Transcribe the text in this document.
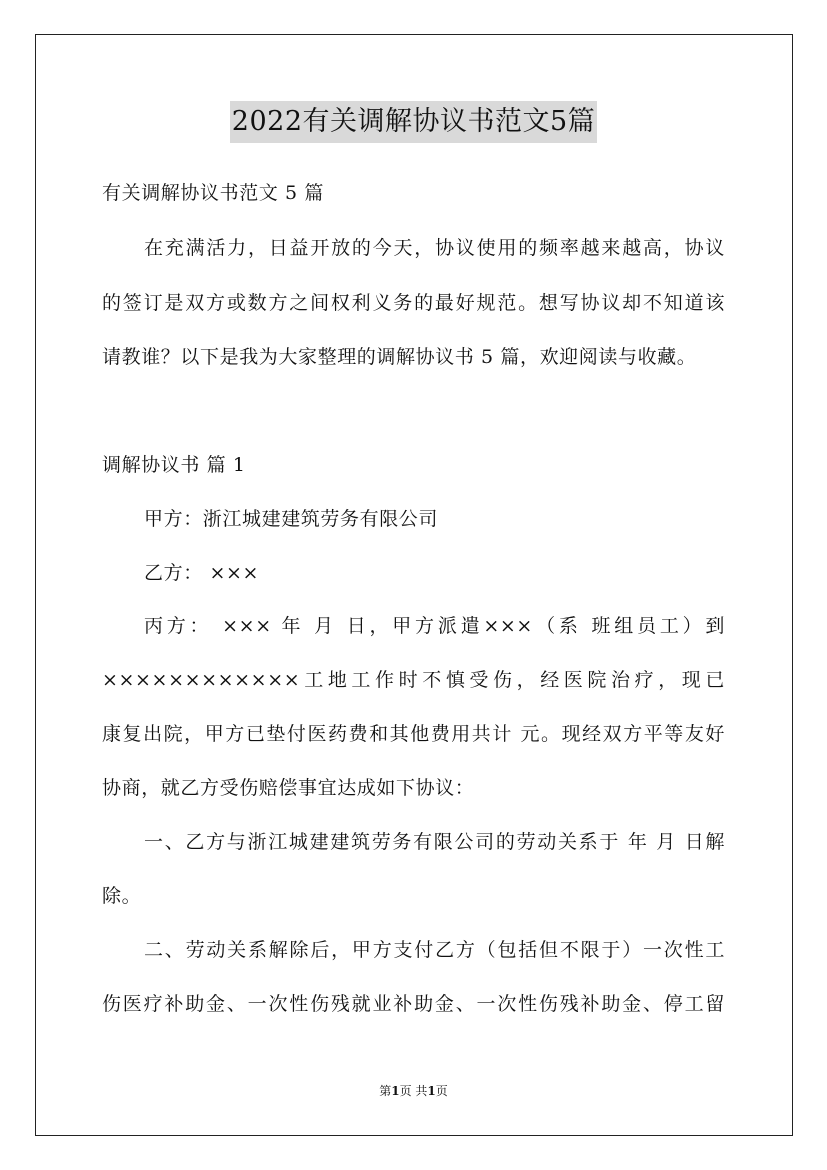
2022有关调解协议书范文5篇
有关调解协议书范文 5 篇
在充满活力，日益开放的今天，协议使用的频率越来越高，协议
的签订是双方或数方之间权利义务的最好规范。想写协议却不知道该
请教谁？以下是我为大家整理的调解协议书 5 篇，欢迎阅读与收藏。
调解协议书 篇 1
甲方：浙江城建建筑劳务有限公司
乙方： ×××
丙方： ××× 年 月 日，甲方派遣×××（系 班组员工）到
××××××××××××工地工作时不慎受伤，经医院治疗，现已
康复出院，甲方已垫付医药费和其他费用共计 元。现经双方平等友好
协商，就乙方受伤赔偿事宜达成如下协议：
一、乙方与浙江城建建筑劳务有限公司的劳动关系于 年 月 日解
除。
二、劳动关系解除后，甲方支付乙方（包括但不限于）一次性工
伤医疗补助金、一次性伤残就业补助金、一次性伤残补助金、停工留
第1页 共1页
